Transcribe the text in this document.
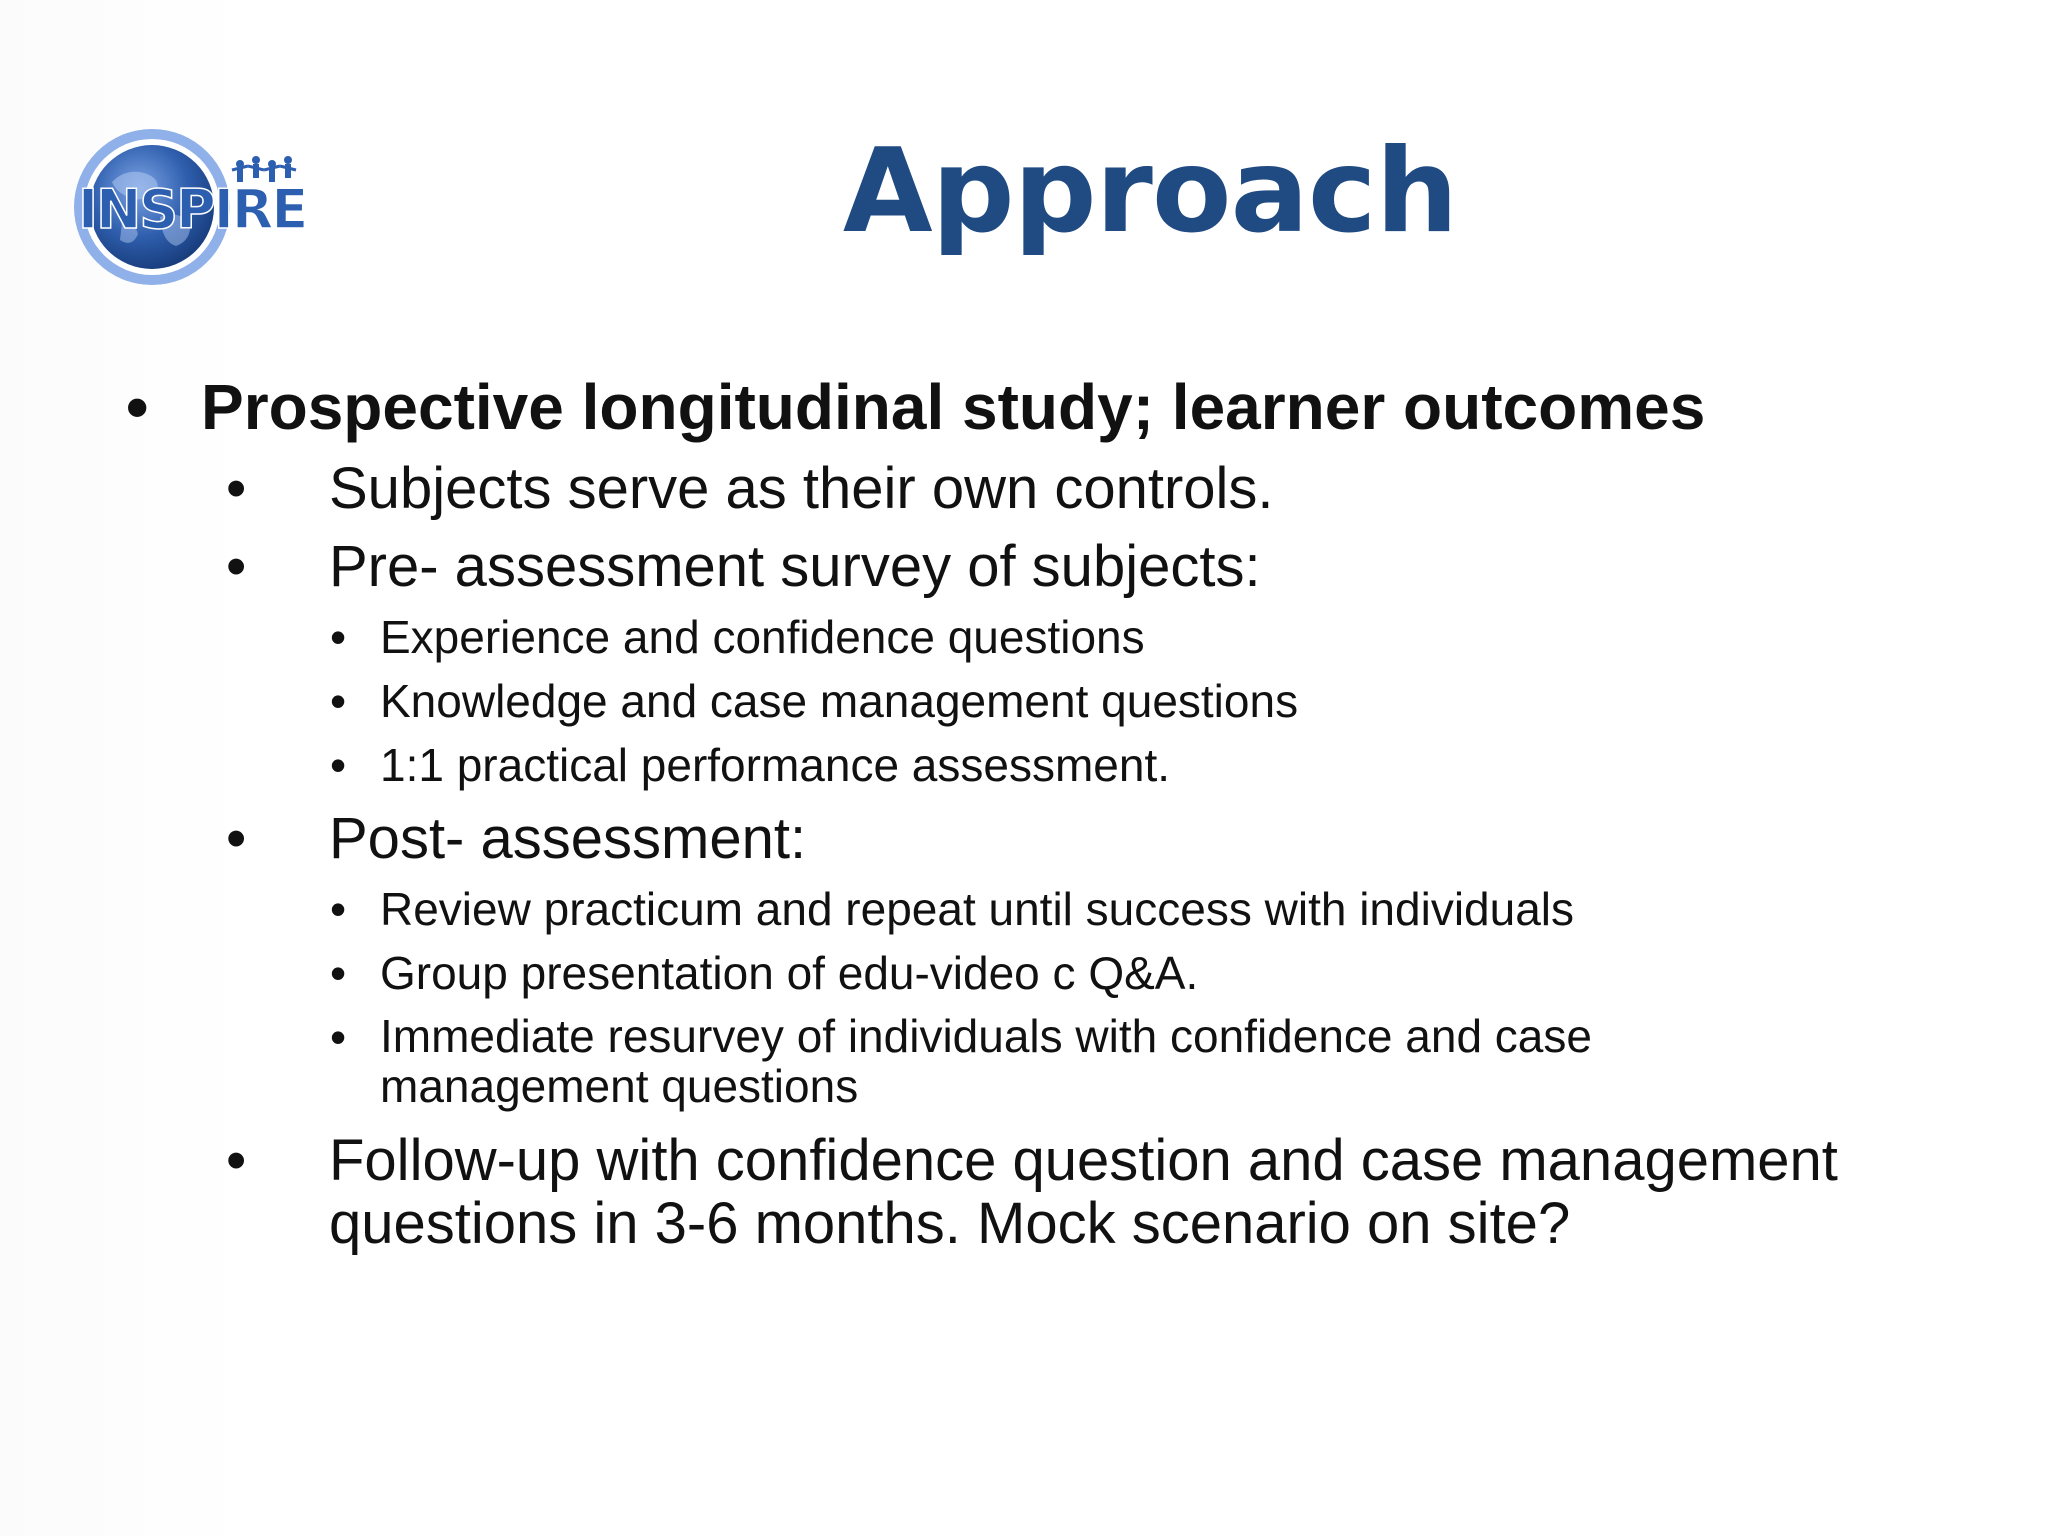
INSPIRE	Approach
• Prospective longitudinal study; learner outcomes
• Subjects serve as their own controls.
• Pre- assessment survey of subjects:
• Experience and confidence questions
• Knowledge and case management questions
• 1:1 practical performance assessment.
• Post- assessment:
• Review practicum and repeat until success with individuals
• Group presentation of edu-video c Q&A.
• Immediate resurvey of individuals with confidence and case management questions
• Follow-up with confidence question and case management questions in 3-6 months. Mock scenario on site?
